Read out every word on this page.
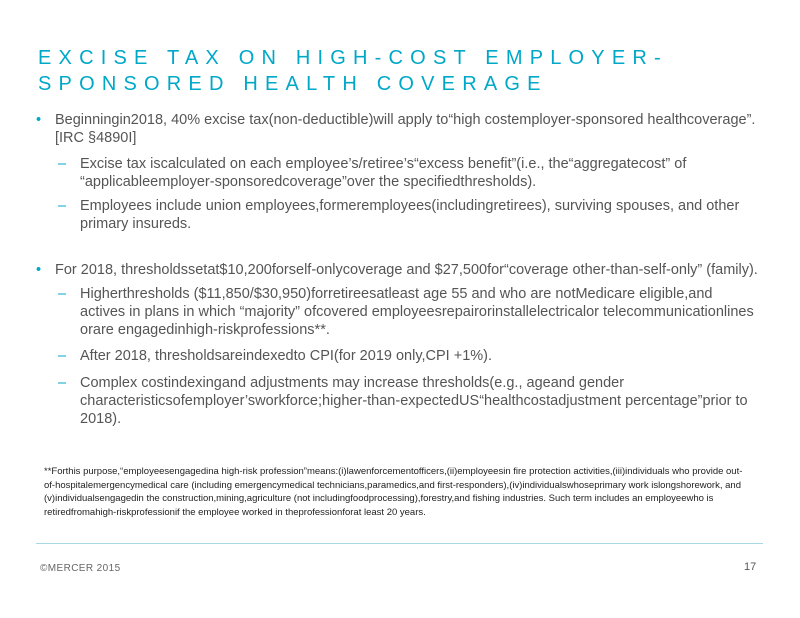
EXCISE TAX ON HIGH-COST EMPLOYER-
SPONSORED HEALTH COVERAGE
• Beginningin2018, 40% excise tax(non-deductible)will apply to“high costemployer-sponsored healthcoverage”. [IRC §4890I]
– Excise tax iscalculated on each employee’s/retiree’s“excess benefit”(i.e., the“aggregatecost” of “applicableemployer-sponsoredcoverage”over the specifiedthresholds).
– Employees include union employees,formeremployees(includingretirees), surviving spouses, and other primary insureds.
• For 2018, thresholdssetat$10,200forself-onlycoverage and $27,500for“coverage other-than-self-only” (family).
– Higherthresholds ($11,850/$30,950)forretireesatleast age 55 and who are notMedicare eligible,and actives in plans in which “majority” ofcovered employeesrepairorinstallelectricalor telecommunicationlines orare engagedinhigh-riskprofessions**.
– After 2018, thresholdsareindexedto CPI(for 2019 only,CPI +1%).
– Complex costindexingand adjustments may increase thresholds(e.g., ageand gender characteristicsofemployer’sworkforce;higher-than-expectedUS“healthcostadjustment percentage”prior to 2018).
**Forthis purpose,“employeesengagedina high-risk profession”means:(i)lawenforcementofficers,(ii)employeesin fire protection activities,(iii)individuals who provide out-of-hospitalemergencymedical care (including emergencymedical technicians,paramedics,and first-responders),(iv)individualswhoseprimary work islongshorework, and (v)individualsengagedin the construction,mining,agriculture (not includingfoodprocessing),forestry,and fishing industries. Such term includes an employeewho is retiredfromahigh-riskprofessionif the employee worked in theprofessionforat least 20 years.
©MERCER 2015	17
